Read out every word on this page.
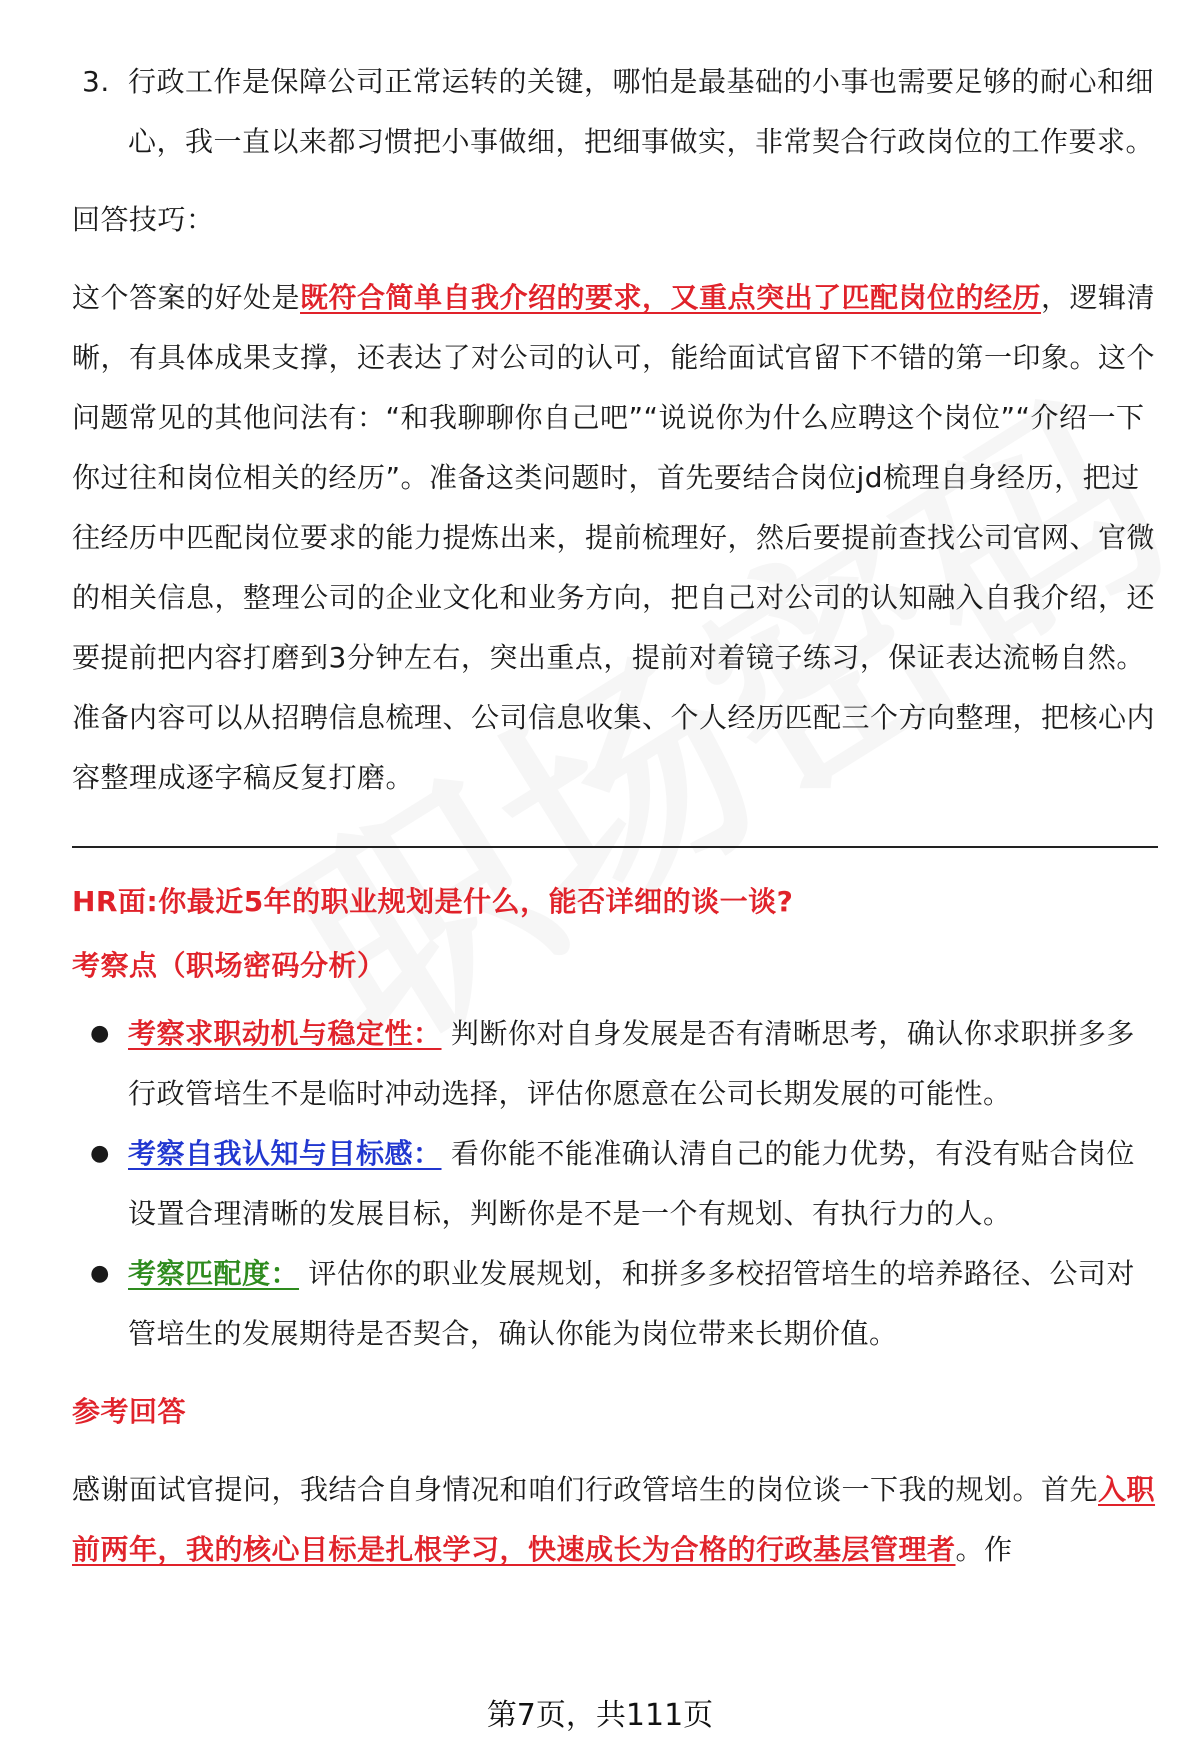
3. 行政工作是保障公司正常运转的关键，哪怕是最基础的小事也需要足够的耐心和细心，我一直以来都习惯把小事做细，把细事做实，非常契合行政岗位的工作要求。

回答技巧：

这个答案的好处是既符合简单自我介绍的要求，又重点突出了匹配岗位的经历，逻辑清晰，有具体成果支撑，还表达了对公司的认可，能给面试官留下不错的第一印象。这个问题常见的其他问法有：“和我聊聊你自己吧”“说说你为什么应聘这个岗位”“介绍一下你过往和岗位相关的经历”。准备这类问题时，首先要结合岗位jd梳理自身经历，把过往经历中匹配岗位要求的能力提炼出来，提前梳理好，然后要提前查找公司官网、官微的相关信息，整理公司的企业文化和业务方向，把自己对公司的认知融入自我介绍，还要提前把内容打磨到3分钟左右，突出重点，提前对着镜子练习，保证表达流畅自然。准备内容可以从招聘信息梳理、公司信息收集、个人经历匹配三个方向整理，把核心内容整理成逐字稿反复打磨。

HR面:你最近5年的职业规划是什么，能否详细的谈一谈?

考察点（职场密码分析）

● 考察求职动机与稳定性： 判断你对自身发展是否有清晰思考，确认你求职拼多多行政管培生不是临时冲动选择，评估你愿意在公司长期发展的可能性。
● 考察自我认知与目标感： 看你能不能准确认清自己的能力优势，有没有贴合岗位设置合理清晰的发展目标，判断你是不是一个有规划、有执行力的人。
● 考察匹配度： 评估你的职业发展规划，和拼多多校招管培生的培养路径、公司对管培生的发展期待是否契合，确认你能为岗位带来长期价值。

参考回答

感谢面试官提问，我结合自身情况和咱们行政管培生的岗位谈一下我的规划。首先入职前两年，我的核心目标是扎根学习，快速成长为合格的行政基层管理者。作

第7页，共111页
